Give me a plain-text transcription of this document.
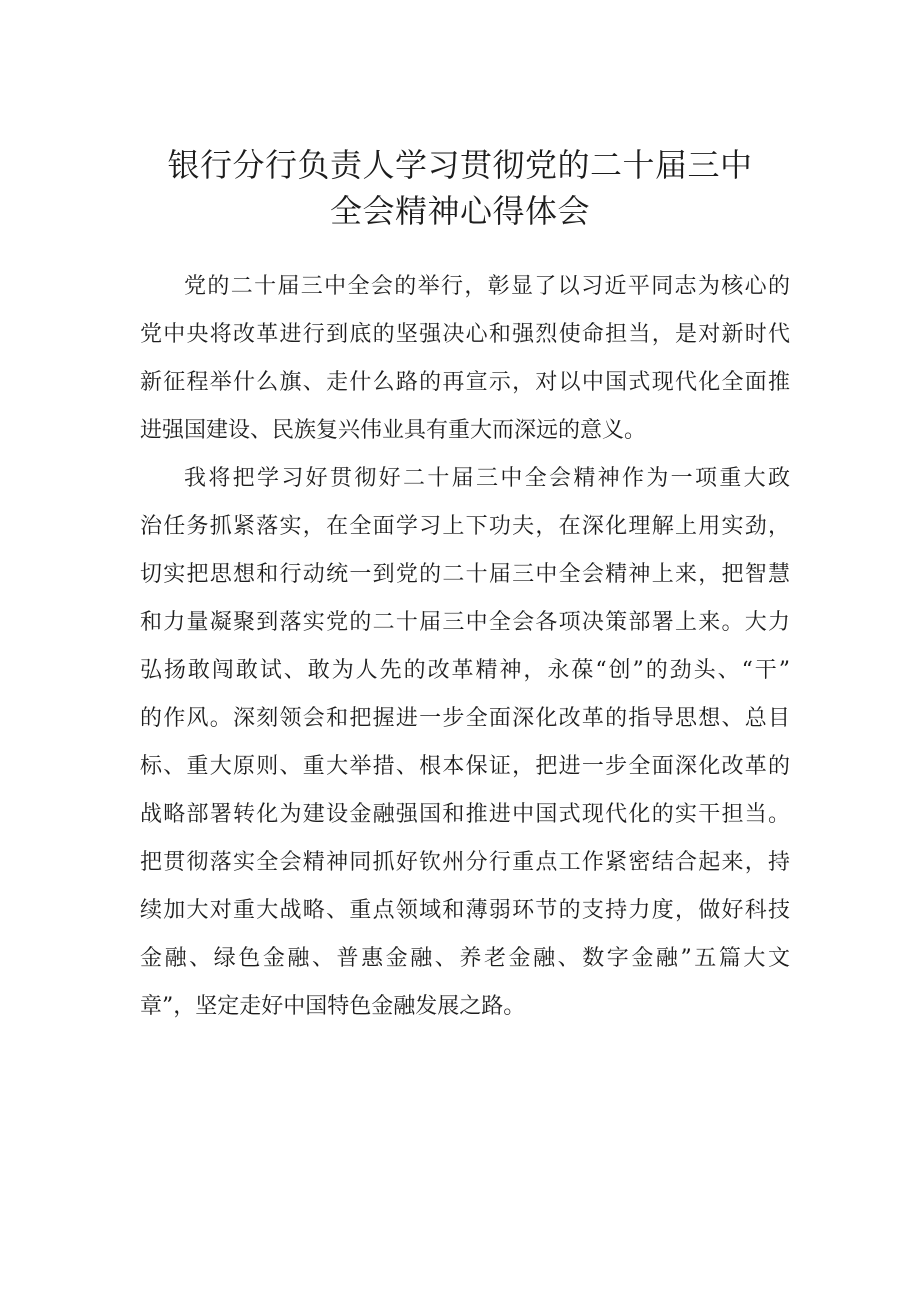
银行分行负责人学习贯彻党的二十届三中
全会精神心得体会
党的二十届三中全会的举行，彰显了以习近平同志为核心的
党中央将改革进行到底的坚强决心和强烈使命担当，是对新时代
新征程举什么旗、走什么路的再宣示，对以中国式现代化全面推
进强国建设、民族复兴伟业具有重大而深远的意义。
我将把学习好贯彻好二十届三中全会精神作为一项重大政
治任务抓紧落实，在全面学习上下功夫，在深化理解上用实劲，
切实把思想和行动统一到党的二十届三中全会精神上来，把智慧
和力量凝聚到落实党的二十届三中全会各项决策部署上来。大力
弘扬敢闯敢试、敢为人先的改革精神，永葆“创”的劲头、“干”
的作风。深刻领会和把握进一步全面深化改革的指导思想、总目
标、重大原则、重大举措、根本保证，把进一步全面深化改革的
战略部署转化为建设金融强国和推进中国式现代化的实干担当。
把贯彻落实全会精神同抓好钦州分行重点工作紧密结合起来，持
续加大对重大战略、重点领域和薄弱环节的支持力度，做好科技
金融、绿色金融、普惠金融、养老金融、数字金融”五篇大文
章”，坚定走好中国特色金融发展之路。
